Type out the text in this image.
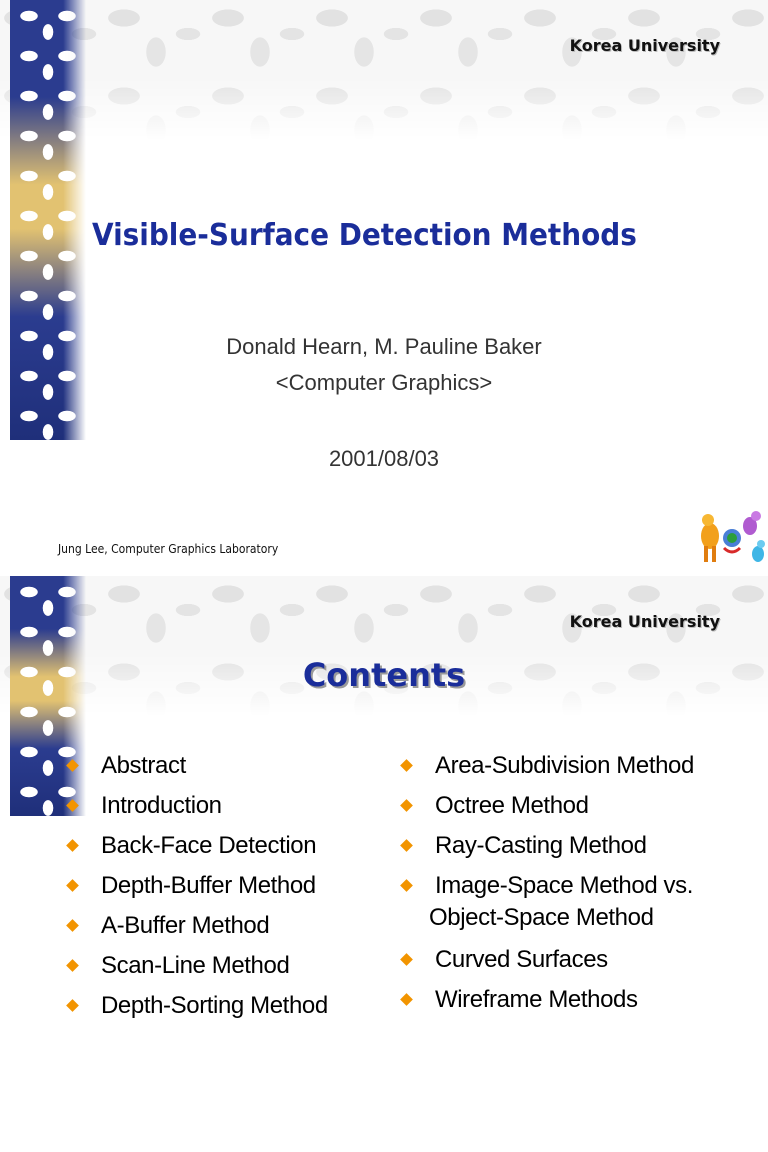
Korea University
Visible-Surface Detection Methods
Donald Hearn, M. Pauline Baker
<Computer Graphics>
2001/08/03
Jung Lee, Computer Graphics Laboratory
Korea University
Contents
Abstract
Introduction
Back-Face Detection
Depth-Buffer Method
A-Buffer Method
Scan-Line Method
Depth-Sorting Method
Area-Subdivision Method
Octree Method
Ray-Casting Method
Image-Space Method vs.
Object-Space Method
Curved Surfaces
Wireframe Methods
